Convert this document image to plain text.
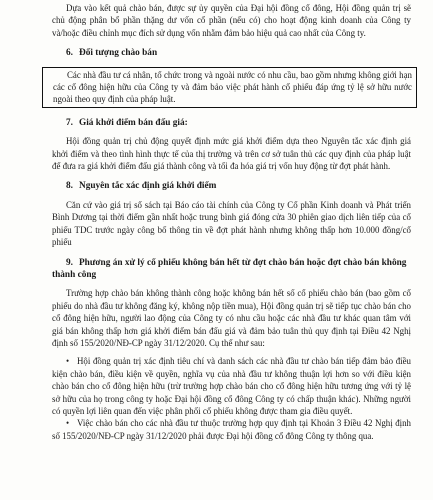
Dựa vào kết quả chào bán, được sự ủy quyền của Đại hội đồng cổ đông, Hội đồng quản trị sẽ chủ động phân bổ phần thặng dư vốn cổ phần (nếu có) cho hoạt động kinh doanh của Công ty và/hoặc điều chỉnh mục đích sử dụng vốn nhằm đảm bảo hiệu quả cao nhất của Công ty.

6. Đối tượng chào bán

Các nhà đầu tư cá nhân, tổ chức trong và ngoài nước có nhu cầu, bao gồm nhưng không giới hạn các cổ đông hiện hữu của Công ty và đảm bảo việc phát hành cổ phiếu đáp ứng tỷ lệ sở hữu nước ngoài theo quy định của pháp luật.

7. Giá khởi điểm bán đấu giá:

Hội đồng quản trị chủ động quyết định mức giá khởi điểm dựa theo Nguyên tắc xác định giá khởi điểm và theo tình hình thực tế của thị trường và trên cơ sở tuân thủ các quy định của pháp luật để đưa ra giá khởi điểm đấu giá thành công và tối đa hóa giá trị vốn huy động từ đợt phát hành.

8. Nguyên tắc xác định giá khởi điểm

Căn cứ vào giá trị sổ sách tại Báo cáo tài chính của Công ty Cổ phần Kinh doanh và Phát triển Bình Dương tại thời điểm gần nhất hoặc trung bình giá đóng cửa 30 phiên giao dịch liên tiếp của cổ phiếu TDC trước ngày công bố thông tin về đợt phát hành nhưng không thấp hơn 10.000 đồng/cổ phiếu

9. Phương án xử lý cổ phiếu không bán hết từ đợt chào bán hoặc đợt chào bán không thành công

Trường hợp chào bán không thành công hoặc không bán hết số cổ phiếu chào bán (bao gồm cổ phiếu do nhà đầu tư không đăng ký, không nộp tiền mua), Hội đồng quản trị sẽ tiếp tục chào bán cho cổ đông hiện hữu, người lao động của Công ty có nhu cầu hoặc các nhà đầu tư khác quan tâm với giá bán không thấp hơn giá khởi điểm bán đấu giá và đảm bảo tuân thủ quy định tại Điều 42 Nghị định số 155/2020/NĐ-CP ngày 31/12/2020. Cụ thể như sau:

• Hội đồng quản trị xác định tiêu chí và danh sách các nhà đầu tư chào bán tiếp đảm bảo điều kiện chào bán, điều kiện về quyền, nghĩa vụ của nhà đầu tư không thuận lợi hơn so với điều kiện chào bán cho cổ đông hiện hữu (trừ trường hợp chào bán cho cổ đông hiện hữu tương ứng với tỷ lệ sở hữu của họ trong công ty hoặc Đại hội đồng cổ đông Công ty có chấp thuận khác). Những người có quyền lợi liên quan đến việc phân phối cổ phiếu không được tham gia điều quyết.

• Việc chào bán cho các nhà đầu tư thuộc trường hợp quy định tại Khoản 3 Điều 42 Nghị định số 155/2020/NĐ-CP ngày 31/12/2020 phải được Đại hội đồng cổ đông Công ty thông qua.
